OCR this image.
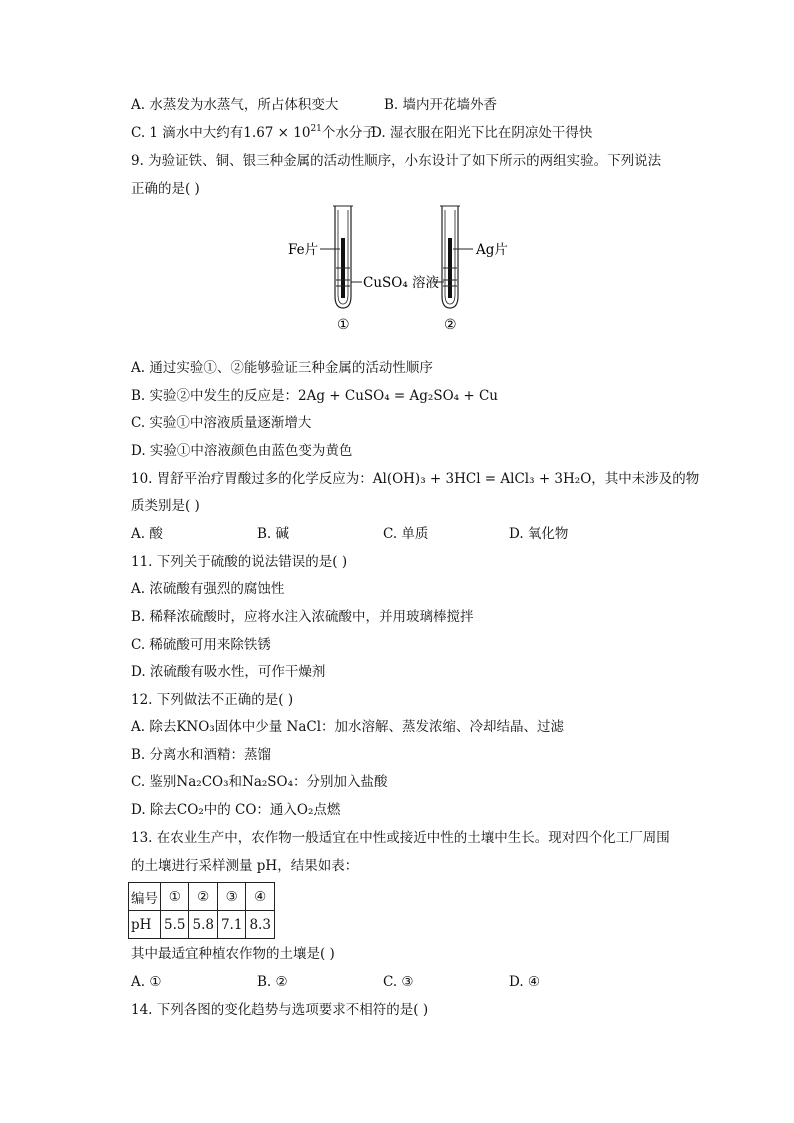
A. 水蒸发为水蒸气，所占体积变大	B. 墙内开花墙外香
C. 1 滴水中大约有$1.67 \times 10^{21}$个水分子
D. 湿衣服在阳光下比在阴凉处干得快
9. 为验证铁、铜、银三种金属的活动性顺序，小东设计了如下所示的两组实验。下列说法
正确的是( )
Fe片	Ag片
CuSO₄ 溶液
①	②
A. 通过实验①、②能够验证三种金属的活动性顺序
B. 实验②中发生的反应是：2Ag + CuSO₄ = Ag₂SO₄ + Cu
C. 实验①中溶液质量逐渐增大
D. 实验①中溶液颜色由蓝色变为黄色
10. 胃舒平治疗胃酸过多的化学反应为：Al(OH)₃ + 3HCl = AlCl₃ + 3H₂O，其中未涉及的物
质类别是( )
A. 酸	B. 碱	C. 单质	D. 氧化物
11. 下列关于硫酸的说法错误的是( )
A. 浓硫酸有强烈的腐蚀性
B. 稀释浓硫酸时，应将水注入浓硫酸中，并用玻璃棒搅拌
C. 稀硫酸可用来除铁锈
D. 浓硫酸有吸水性，可作干燥剂
12. 下列做法不正确的是( )
A. 除去KNO₃固体中少量 NaCl：加水溶解、蒸发浓缩、冷却结晶、过滤
B. 分离水和酒精：蒸馏
C. 鉴别Na₂CO₃和Na₂SO₄：分别加入盐酸
D. 除去CO₂中的 CO：通入O₂点燃
13. 在农业生产中，农作物一般适宜在中性或接近中性的土壤中生长。现对四个化工厂周围
的土壤进行采样测量 pH，结果如表：
编号	①	②	③	④
pH	5.5	5.8	7.1	8.3
其中最适宜种植农作物的土壤是( )
A. ①	B. ②	C. ③	D. ④
14. 下列各图的变化趋势与选项要求不相符的是( )
